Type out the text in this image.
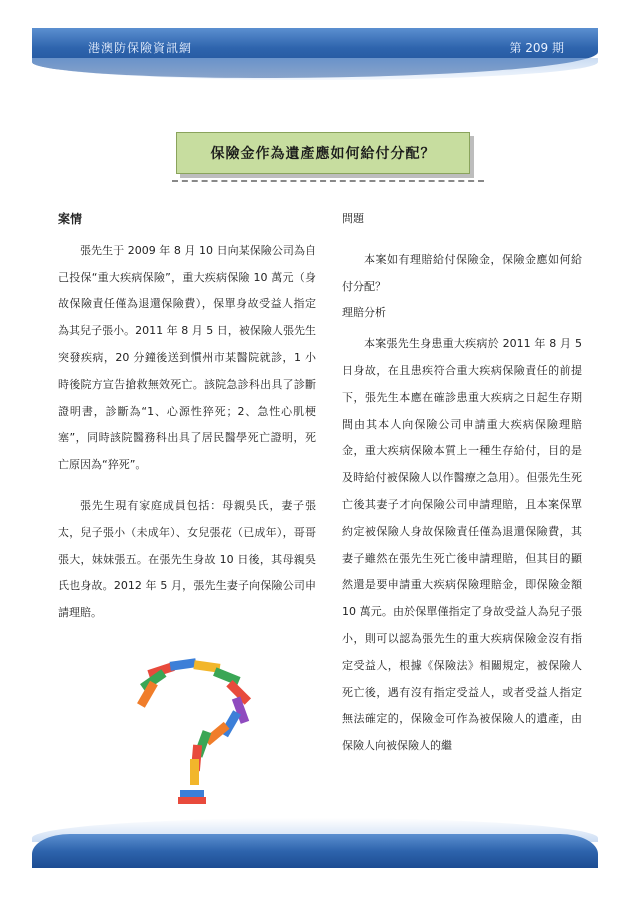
港澳防保險資訊網	第 209 期
保險金作為遺產應如何給付分配？

案情

張先生于 2009 年 8 月 10 日向某保險公司為自己投保“重大疾病保險”，重大疾病保險 10 萬元（身故保險責任僅為退還保險費），保單身故受益人指定為其兒子張小。2011 年 8 月 5 日，被保險人張先生突發疾病，20 分鐘後送到慣州市某醫院就診，1 小時後院方宣告搶救無效死亡。該院急診科出具了診斷證明書，診斷為“1、心源性猝死；2、急性心肌梗塞”，同時該院醫務科出具了居民醫學死亡證明，死亡原因為“猝死”。

張先生現有家庭成員包括：母親吳氏，妻子張太，兒子張小（未成年）、女兒張花（已成年），哥哥張大，妹妹張五。在張先生身故 10 日後，其母親吳氏也身故。2012 年 5 月，張先生妻子向保險公司申請理賠。

問題

本案如有理賠給付保險金，保險金應如何給付分配？

理賠分析

本案張先生身患重大疾病於 2011 年 8 月 5 日身故，在且患疾符合重大疾病保險責任的前提下，張先生本應在確診患重大疾病之日起生存期間由其本人向保險公司申請重大疾病保險理賠金，重大疾病保險本質上一種生存給付，目的是及時給付被保險人以作醫療之急用）。但張先生死亡後其妻子才向保險公司申請理賠，且本案保單約定被保險人身故保險責任僅為退還保險費，其妻子雖然在張先生死亡後申請理賠，但其目的顯然還是要申請重大疾病保險理賠金，即保險金額 10 萬元。由於保單僅指定了身故受益人為兒子張小，則可以認為張先生的重大疾病保險金沒有指定受益人，根據《保險法》相關規定，被保險人死亡後，遇有沒有指定受益人，或者受益人指定無法確定的，保險金可作為被保險人的遺產，由保險人向被保險人的繼
